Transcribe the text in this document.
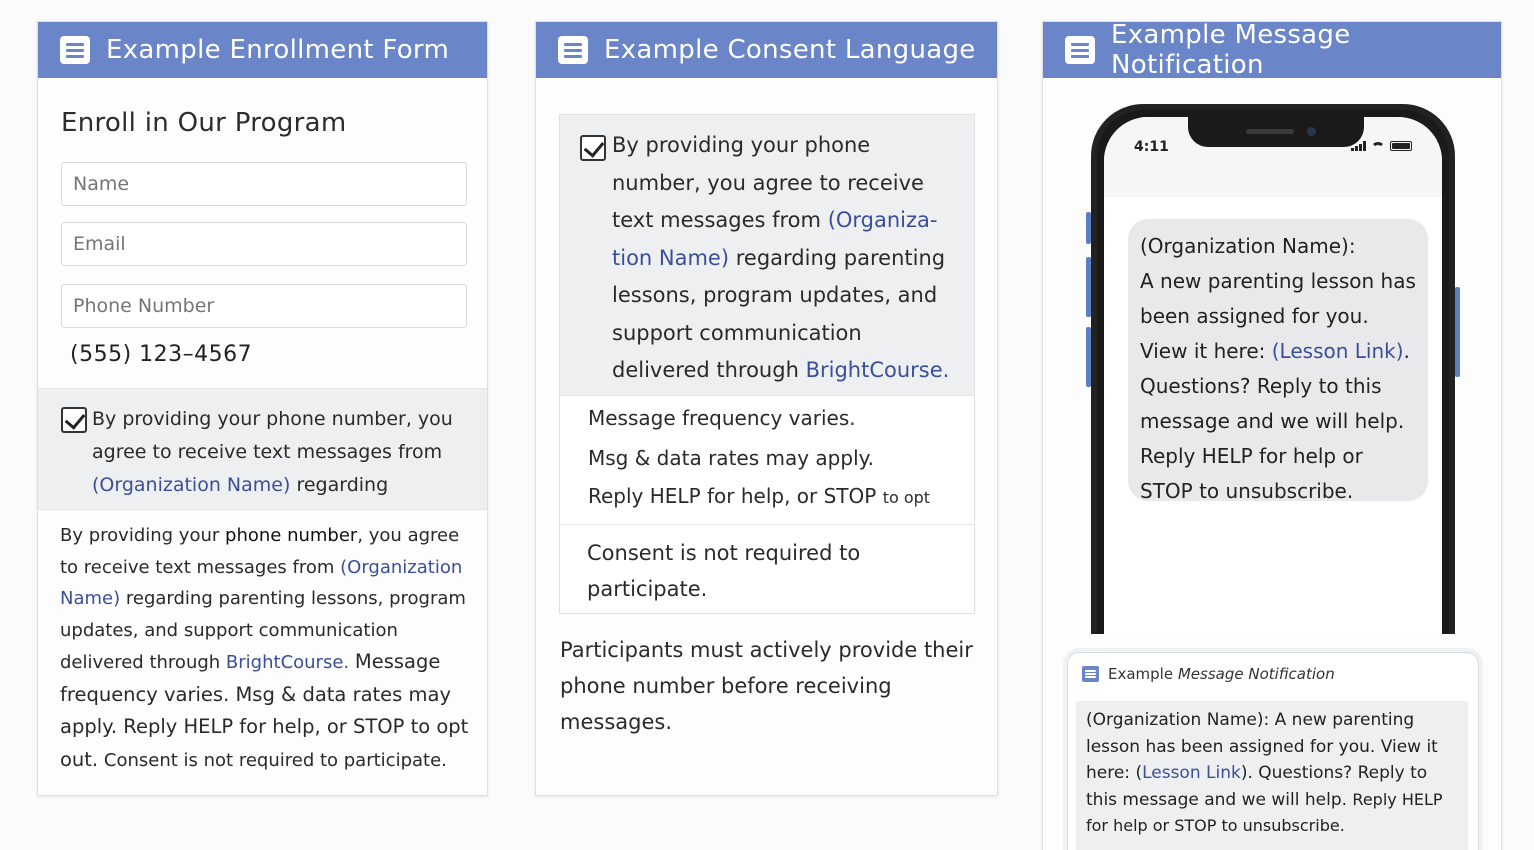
Example Enrollment Form
Enroll in Our Program
Name
Email
Phone Number
(555) 123–4567
By providing your phone number, you agree to receive text messages from (Organization Name) regarding
By providing your phone number, you agree to receive text messages from (Organization Name) regarding parenting lessons, program updates, and support communication delivered through BrightCourse. Message frequency varies. Msg & data rates may apply. Reply HELP for help, or STOP to opt out. Consent is not required to participate.
Example Consent Language
By providing your phone number, you agree to receive text messages from (Organiza-tion Name) regarding parenting lessons, program updates, and support communication delivered through BrightCourse.
Message frequency varies.
Msg & data rates may apply.
Reply HELP for help, or STOP to opt
Consent is not required to participate.
Participants must actively provide their phone number before receiving messages.
Example Message Notification
4:11
(Organization Name):
A new parenting lesson has been assigned for you.
View it here: (Lesson Link).
Questions? Reply to this message and we will help. Reply HELP for help or STOP to unsubscribe.
Example
Message
Notification
(Organization Name): A new parenting lesson has been assigned for you. View it here: (Lesson Link). Questions? Reply to this message and we will help. Reply HELP for help or STOP to unsubscribe.
